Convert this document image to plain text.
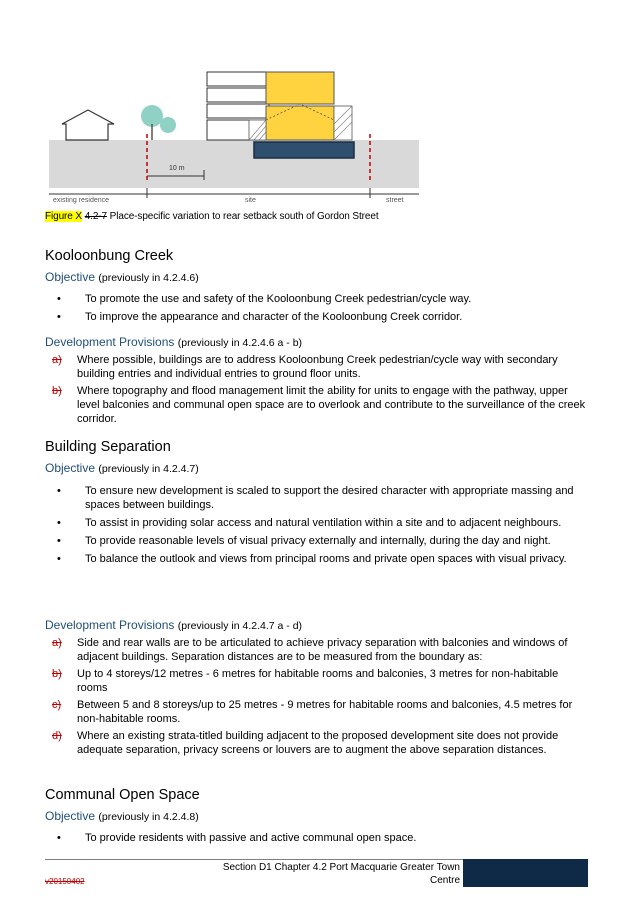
10 m
existing residence	site	street
Figure X 4.2-7 Place-specific variation to rear setback south of Gordon Street
Kooloonbung Creek
Objective (previously in 4.2.4.6)
• To promote the use and safety of the Kooloonbung Creek pedestrian/cycle way.
• To improve the appearance and character of the Kooloonbung Creek corridor.
Development Provisions (previously in 4.2.4.6 a - b)
a) Where possible, buildings are to address Kooloonbung Creek pedestrian/cycle way with secondary building entries and individual entries to ground floor units.
b) Where topography and flood management limit the ability for units to engage with the pathway, upper level balconies and communal open space are to overlook and contribute to the surveillance of the creek corridor.
Building Separation
Objective (previously in 4.2.4.7)
• To ensure new development is scaled to support the desired character with appropriate massing and spaces between buildings.
• To assist in providing solar access and natural ventilation within a site and to adjacent neighbours.
• To provide reasonable levels of visual privacy externally and internally, during the day and night.
• To balance the outlook and views from principal rooms and private open spaces with visual privacy.
Development Provisions (previously in 4.2.4.7 a - d)
a) Side and rear walls are to be articulated to achieve privacy separation with balconies and windows of adjacent buildings. Separation distances are to be measured from the boundary as:
b) Up to 4 storeys/12 metres - 6 metres for habitable rooms and balconies, 3 metres for non-habitable rooms
c) Between 5 and 8 storeys/up to 25 metres - 9 metres for habitable rooms and balconies, 4.5 metres for non-habitable rooms.
d) Where an existing strata-titled building adjacent to the proposed development site does not provide adequate separation, privacy screens or louvers are to augment the above separation distances.
Communal Open Space
Objective (previously in 4.2.4.8)
• To provide residents with passive and active communal open space.
Section D1 Chapter 4.2 Port Macquarie Greater Town
Centre
v20150402
